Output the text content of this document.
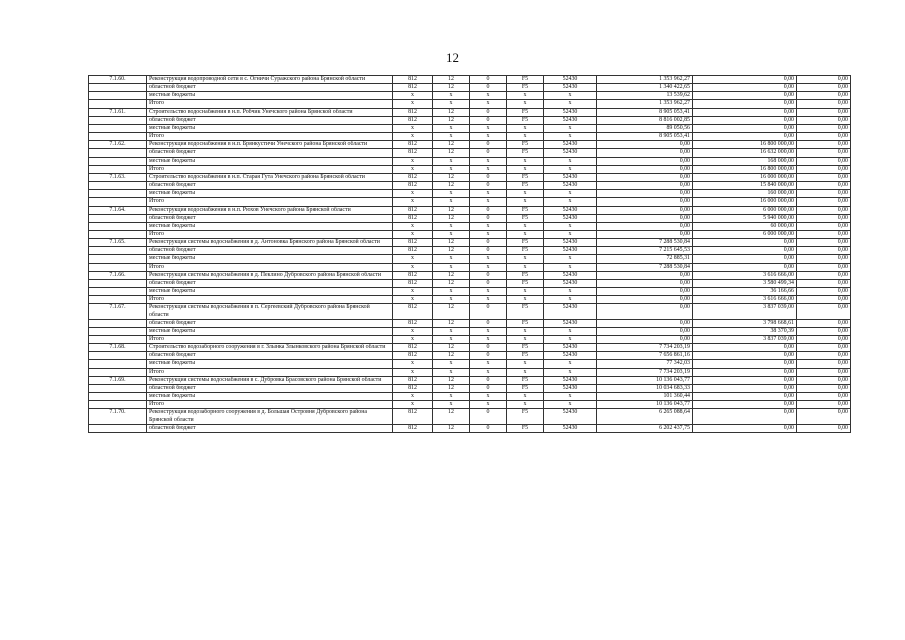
12
7.1.60.	Реконструкция водопроводной сети в с. Огничи Суражского района Брянской области	812	12	0	F5	52430	1 353 962,27	0,00	0,00
	областной бюджет	812	12	0	F5	52430	1 340 422,65	0,00	0,00
	местные бюджеты	x	x	x	x	x	13 539,62	0,00	0,00
	Итого	x	x	x	x	x	1 353 962,27	0,00	0,00
7.1.61.	Строительство водоснабжения в н.п. Робчик Унечского района Брянской области	812	12	0	F5	52430	8 905 053,41	0,00	0,00
	областной бюджет	812	12	0	F5	52430	8 816 002,85	0,00	0,00
	местные бюджеты	x	x	x	x	x	89 050,56	0,00	0,00
	Итого	x	x	x	x	x	8 905 053,41	0,00	0,00
7.1.62.	Реконструкция водоснабжения в н.п. Брянкустичи Унечского района Брянской области	812	12	0	F5	52430	0,00	16 800 000,00	0,00
	областной бюджет	812	12	0	F5	52430	0,00	16 632 000,00	0,00
	местные бюджеты	x	x	x	x	x	0,00	168 000,00	0,00
	Итого	x	x	x	x	x	0,00	16 800 000,00	0,00
7.1.63.	Строительство водоснабжения в н.п. Старая Гута Унечского района Брянской области	812	12	0	F5	52430	0,00	16 000 000,00	0,00
	областной бюджет	812	12	0	F5	52430	0,00	15 840 000,00	0,00
	местные бюджеты	x	x	x	x	x	0,00	160 000,00	0,00
	Итого	x	x	x	x	x	0,00	16 000 000,00	0,00
7.1.64.	Реконструкция водоснабжения в н.п. Рюхов Унечского района Брянской области	812	12	0	F5	52430	0,00	6 000 000,00	0,00
	областной бюджет	812	12	0	F5	52430	0,00	5 940 000,00	0,00
	местные бюджеты	x	x	x	x	x	0,00	60 000,00	0,00
	Итого	x	x	x	x	x	0,00	6 000 000,00	0,00
7.1.65.	Реконструкция системы водоснабжения в д. Антоновка Брянского района Брянской области	812	12	0	F5	52430	7 288 530,84	0,00	0,00
	областной бюджет	812	12	0	F5	52430	7 215 645,53	0,00	0,00
	местные бюджеты	x	x	x	x	x	72 885,31	0,00	0,00
	Итого	x	x	x	x	x	7 288 530,84	0,00	0,00
7.1.66.	Реконструкция системы водоснабжения в д. Пеклино Дубровского района Брянской области	812	12	0	F5	52430	0,00	3 616 666,00	0,00
	областной бюджет	812	12	0	F5	52430	0,00	3 580 499,34	0,00
	местные бюджеты	x	x	x	x	x	0,00	36 166,66	0,00
	Итого	x	x	x	x	x	0,00	3 616 666,00	0,00
7.1.67.	Реконструкция системы водоснабжения в п. Сергеевский Дубровского района Брянской области	812	12	0	F5	52430	0,00	3 837 039,00	0,00
	областной бюджет	812	12	0	F5	52430	0,00	3 798 668,61	0,00
	местные бюджеты	x	x	x	x	x	0,00	38 370,39	0,00
	Итого	x	x	x	x	x	0,00	3 837 039,00	0,00
7.1.68.	Строительство водозаборного сооружения в г. Злынка Злынковского района Брянской области	812	12	0	F5	52430	7 734 203,19	0,00	0,00
	областной бюджет	812	12	0	F5	52430	7 656 861,16	0,00	0,00
	местные бюджеты	x	x	x	x	x	77 342,03	0,00	0,00
	Итого	x	x	x	x	x	7 734 203,19	0,00	0,00
7.1.69.	Реконструкция системы водоснабжения в с. Дубровка Брасовского района Брянской области	812	12	0	F5	52430	10 136 043,77	0,00	0,00
	областной бюджет	812	12	0	F5	52430	10 034 683,33	0,00	0,00
	местные бюджеты	x	x	x	x	x	101 360,44	0,00	0,00
	Итого	x	x	x	x	x	10 136 043,77	0,00	0,00
7.1.70.	Реконструкция водозаборного сооружения в д. Большая Островня Дубровского района Брянской области	812	12	0	F5	52430	6 265 088,64	0,00	0,00
	областной бюджет	812	12	0	F5	52430	6 202 437,75	0,00	0,00
